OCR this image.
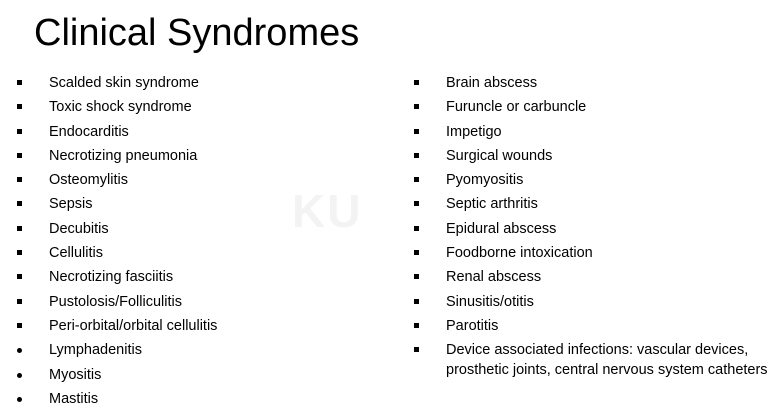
Clinical Syndromes
KU
Scalded skin syndrome
Toxic shock syndrome
Endocarditis
Necrotizing pneumonia
Osteomylitis
Sepsis
Decubitis
Cellulitis
Necrotizing fasciitis
Pustolosis/Folliculitis
Peri-orbital/orbital cellulitis
Lymphadenitis
Myositis
Mastitis
Brain abscess
Furuncle or carbuncle
Impetigo
Surgical wounds
Pyomyositis
Septic arthritis
Epidural abscess
Foodborne intoxication
Renal abscess
Sinusitis/otitis
Parotitis
Device associated infections: vascular devices, prosthetic joints, central nervous system catheters
